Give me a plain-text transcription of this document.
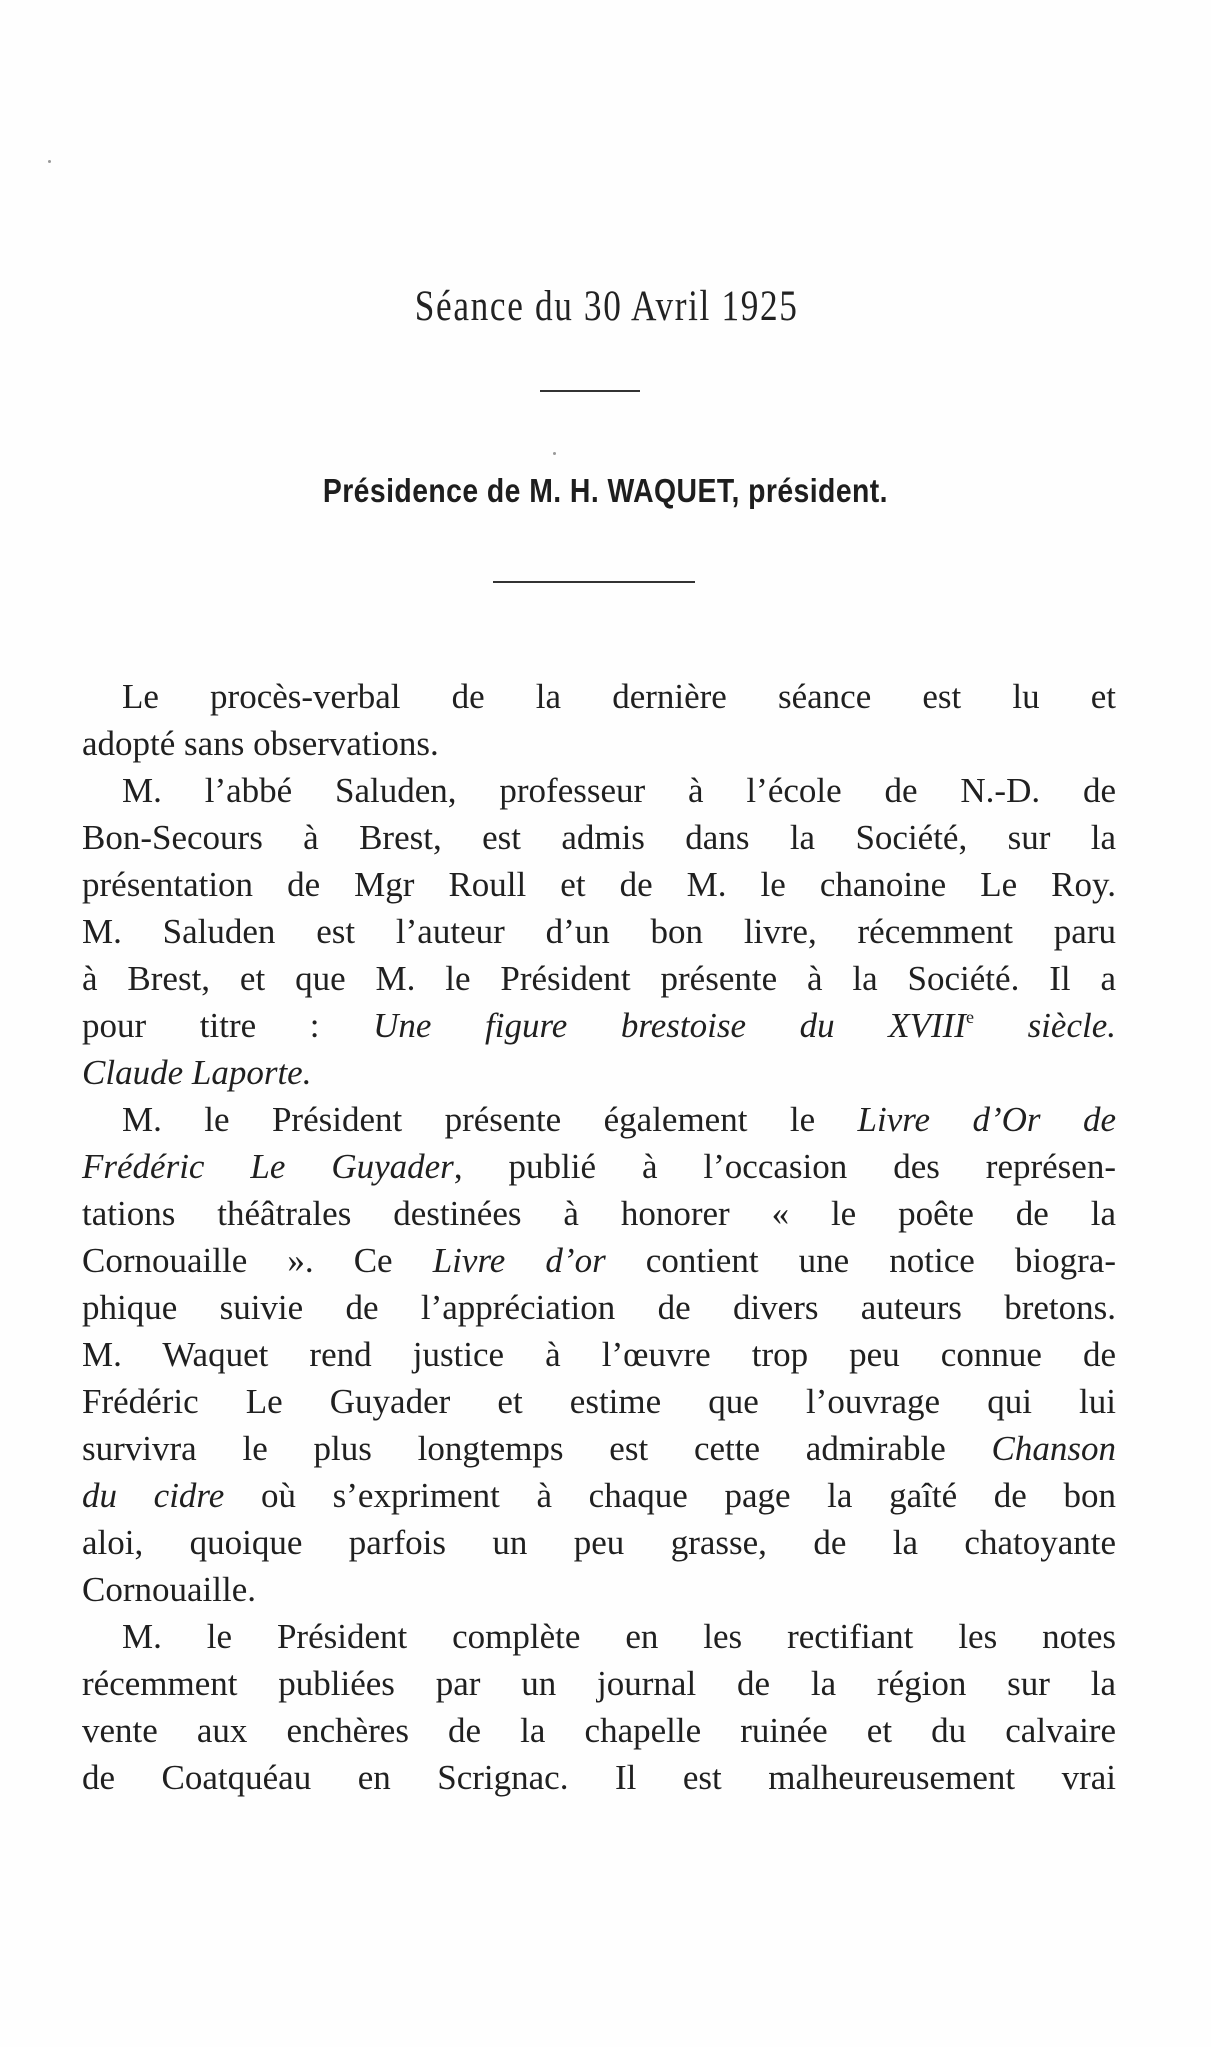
Séance du 30 Avril 1925
Présidence de M. H. WAQUET, président.
Le procès-verbal de la dernière séance est lu et
adopté sans observations.
M. l’abbé Saluden, professeur à l’école de N.-D. de
Bon-Secours à Brest, est admis dans la Société, sur la
présentation de Mgr Roull et de M. le chanoine Le Roy.
M. Saluden est l’auteur d’un bon livre, récemment paru
à Brest, et que M. le Président présente à la Société. Il a
pour titre : Une figure brestoise du XVIIIe siècle.
Claude Laporte.
M. le Président présente également le Livre d’Or de
Frédéric Le Guyader, publié à l’occasion des représen-
tations théâtrales destinées à honorer « le poête de la
Cornouaille ». Ce Livre d’or contient une notice biogra-
phique suivie de l’appréciation de divers auteurs bretons.
M. Waquet rend justice à l’œuvre trop peu connue de
Frédéric Le Guyader et estime que l’ouvrage qui lui
survivra le plus longtemps est cette admirable Chanson
du cidre où s’expriment à chaque page la gaîté de bon
aloi, quoique parfois un peu grasse, de la chatoyante
Cornouaille.
M. le Président complète en les rectifiant les notes
récemment publiées par un journal de la région sur la
vente aux enchères de la chapelle ruinée et du calvaire
de Coatquéau en Scrignac. Il est malheureusement vrai
